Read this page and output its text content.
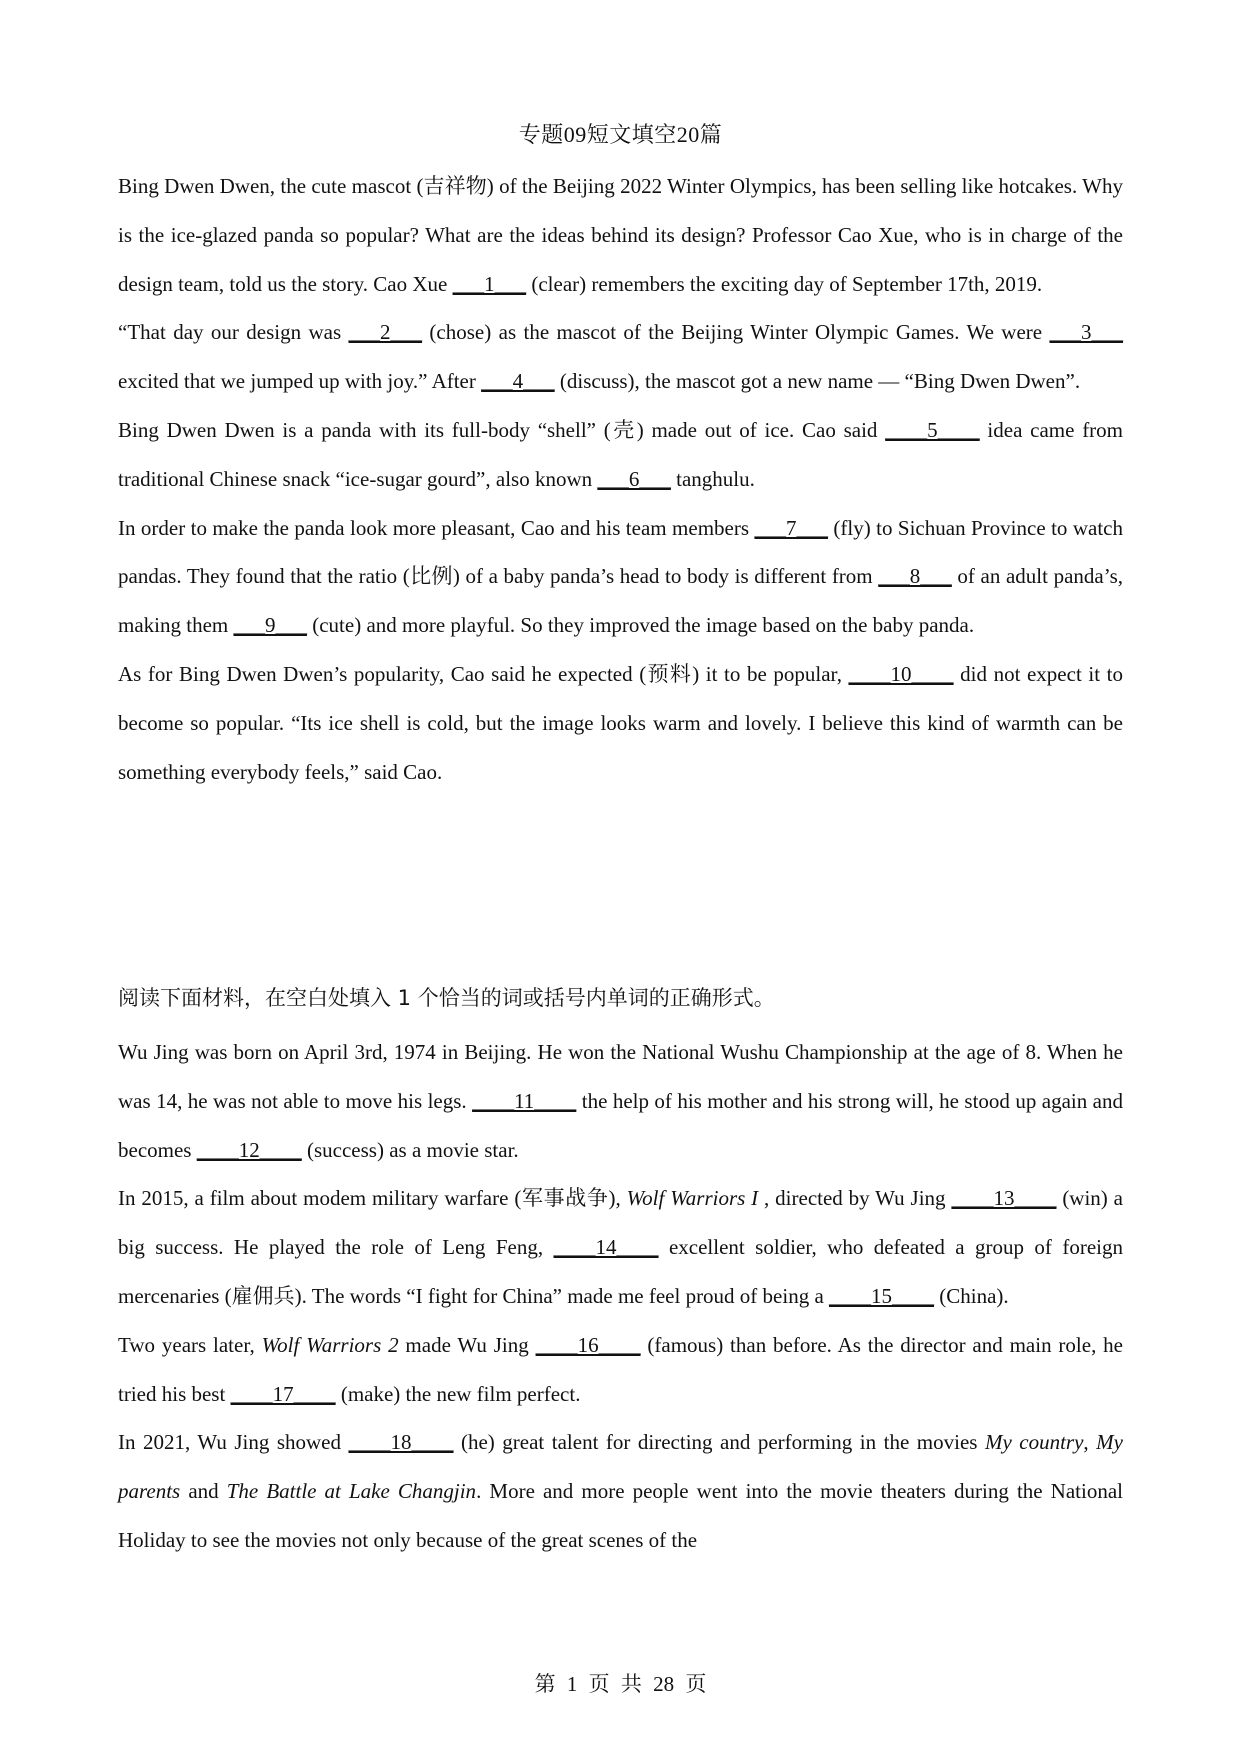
专题09短文填空20篇

Bing Dwen Dwen, the cute mascot (吉祥物) of the Beijing 2022 Winter Olympics, has been selling like hotcakes. Why is the ice-glazed panda so popular? What are the ideas behind its design? Professor Cao Xue, who is in charge of the design team, told us the story. Cao Xue ___1___ (clear) remembers the exciting day of September 17th, 2019.

“That day our design was ___2___ (chose) as the mascot of the Beijing Winter Olympic Games. We were ___3___ excited that we jumped up with joy.” After ___4___ (discuss), the mascot got a new name — “Bing Dwen Dwen”.

Bing Dwen Dwen is a panda with its full-body “shell” (壳) made out of ice. Cao said ____5____ idea came from traditional Chinese snack “ice-sugar gourd”, also known ___6___ tanghulu.

In order to make the panda look more pleasant, Cao and his team members ___7___ (fly) to Sichuan Province to watch pandas. They found that the ratio (比例) of a baby panda’s head to body is different from ___8___ of an adult panda’s, making them ___9___ (cute) and more playful. So they improved the image based on the baby panda.

As for Bing Dwen Dwen’s popularity, Cao said he expected (预料) it to be popular, ____10____ did not expect it to become so popular. “Its ice shell is cold, but the image looks warm and lovely. I believe this kind of warmth can be something everybody feels,” said Cao.

阅读下面材料，在空白处填入 1 个恰当的词或括号内单词的正确形式。

Wu Jing was born on April 3rd, 1974 in Beijing. He won the National Wushu Championship at the age of 8. When he was 14, he was not able to move his legs. ____11____ the help of his mother and his strong will, he stood up again and becomes ____12____ (success) as a movie star.

In 2015, a film about modem military warfare (军事战争), Wolf Warriors I , directed by Wu Jing ____13____ (win) a big success. He played the role of Leng Feng, ____14____ excellent soldier, who defeated a group of foreign mercenaries (雇佣兵). The words “I fight for China” made me feel proud of being a ____15____ (China).

Two years later, Wolf Warriors 2 made Wu Jing ____16____ (famous) than before. As the director and main role, he tried his best ____17____ (make) the new film perfect.

In 2021, Wu Jing showed ____18____ (he) great talent for directing and performing in the movies My country, My parents and The Battle at Lake Changjin. More and more people went into the movie theaters during the National Holiday to see the movies not only because of the great scenes of the

第 1 页 共 28 页
